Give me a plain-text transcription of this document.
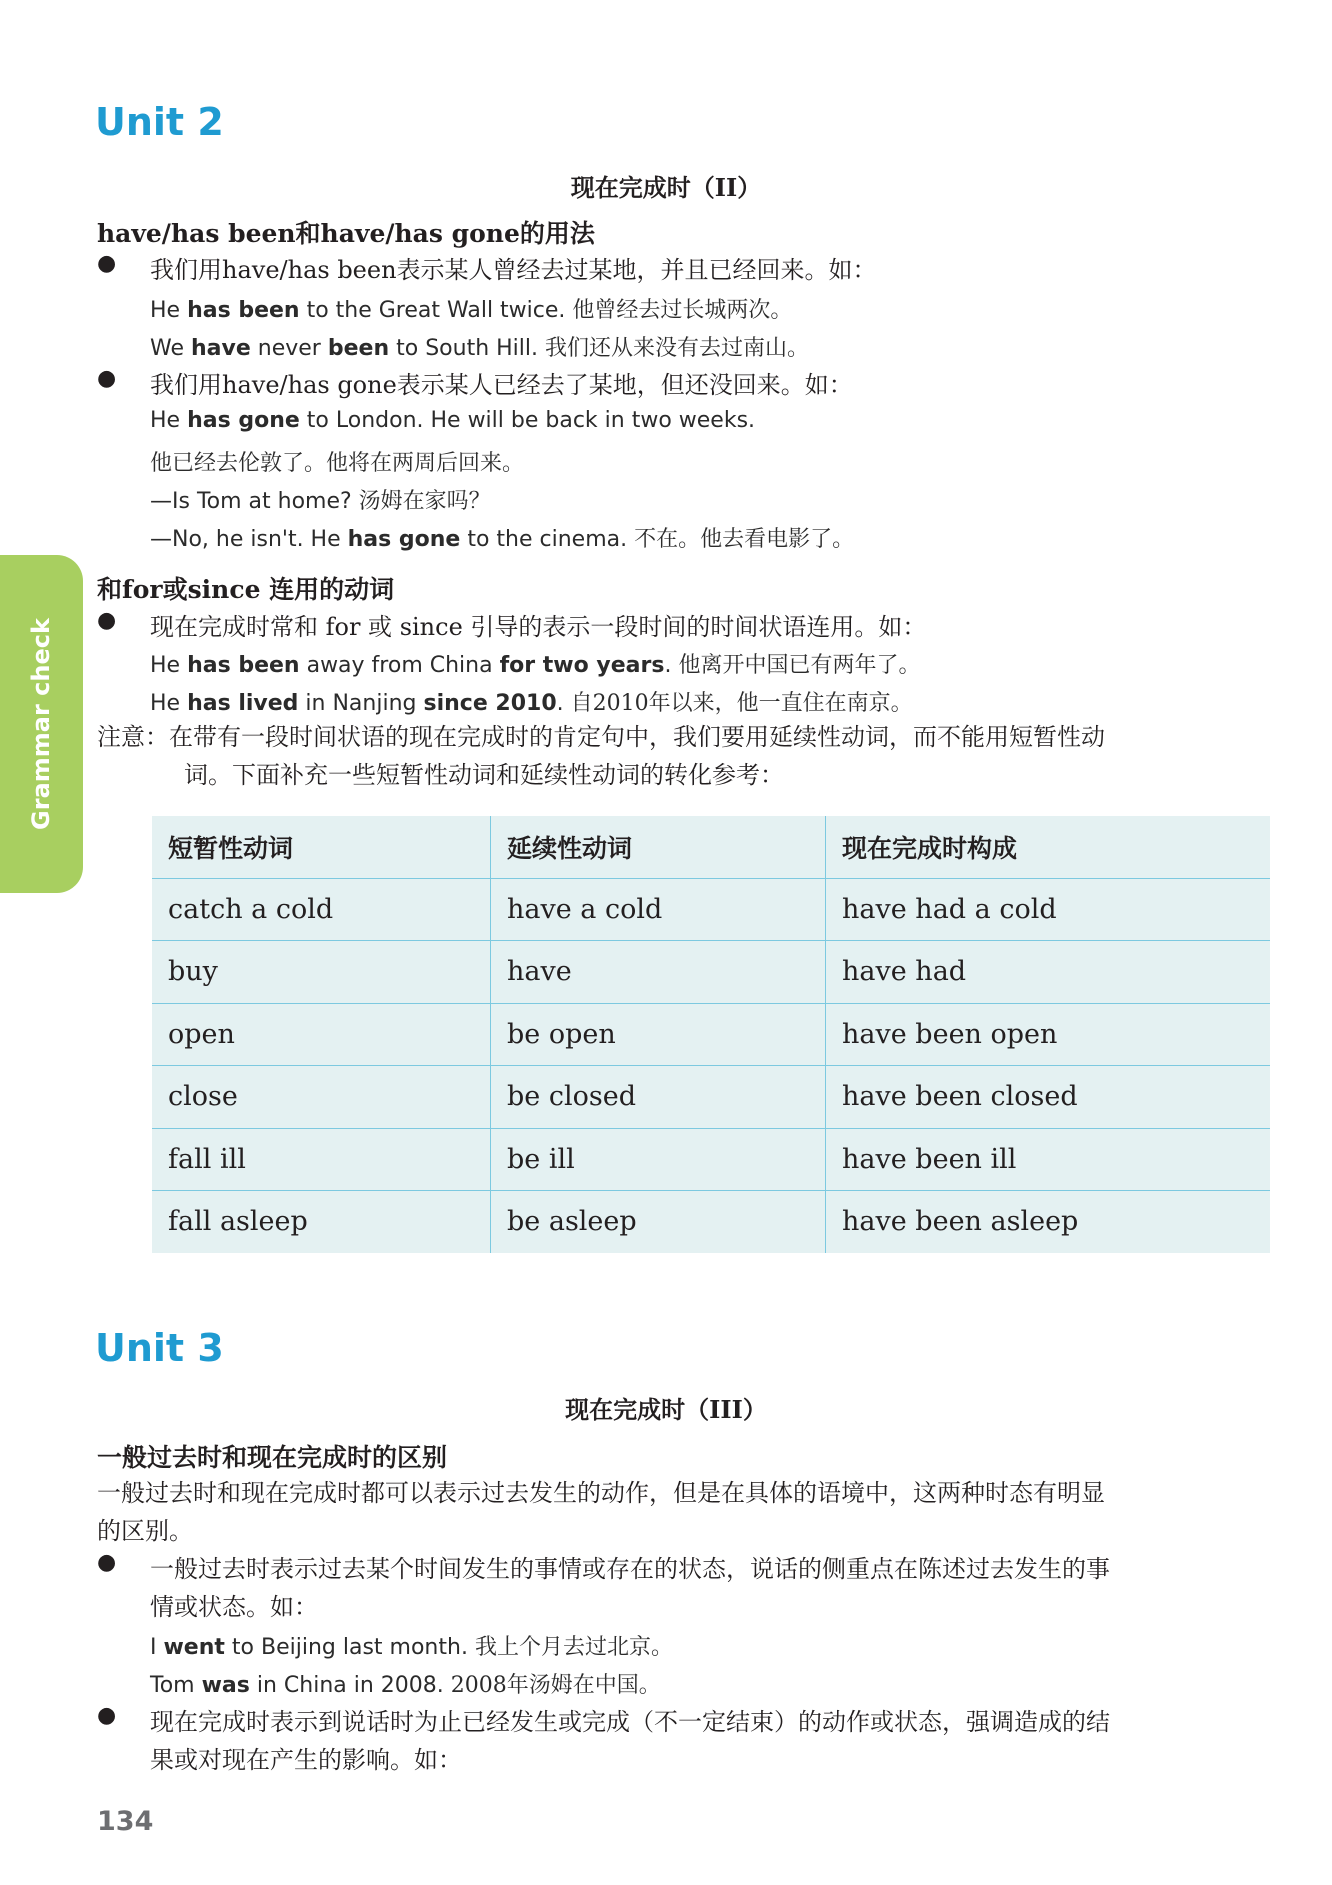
Grammar check
Unit 2
现在完成时（II）
have/has been和have/has gone的用法
● 我们用have/has been表示某人曾经去过某地，并且已经回来。如：
He has been to the Great Wall twice. 他曾经去过长城两次。
We have never been to South Hill. 我们还从来没有去过南山。
● 我们用have/has gone表示某人已经去了某地，但还没回来。如：
He has gone to London. He will be back in two weeks.
他已经去伦敦了。他将在两周后回来。
—Is Tom at home? 汤姆在家吗？
—No, he isn't. He has gone to the cinema. 不在。他去看电影了。
和for或since 连用的动词
● 现在完成时常和 for 或 since 引导的表示一段时间的时间状语连用。如：
He has been away from China for two years. 他离开中国已有两年了。
He has lived in Nanjing since 2010. 自2010年以来，他一直住在南京。
注意：在带有一段时间状语的现在完成时的肯定句中，我们要用延续性动词，而不能用短暂性动
词。下面补充一些短暂性动词和延续性动词的转化参考：
短暂性动词	延续性动词	现在完成时构成
catch a cold	have a cold	have had a cold
buy	have	have had
open	be open	have been open
close	be closed	have been closed
fall ill	be ill	have been ill
fall asleep	be asleep	have been asleep
Unit 3
现在完成时（III）
一般过去时和现在完成时的区别
一般过去时和现在完成时都可以表示过去发生的动作，但是在具体的语境中，这两种时态有明显
的区别。
● 一般过去时表示过去某个时间发生的事情或存在的状态，说话的侧重点在陈述过去发生的事
情或状态。如：
I went to Beijing last month. 我上个月去过北京。
Tom was in China in 2008. 2008年汤姆在中国。
● 现在完成时表示到说话时为止已经发生或完成（不一定结束）的动作或状态，强调造成的结
果或对现在产生的影响。如：
134
